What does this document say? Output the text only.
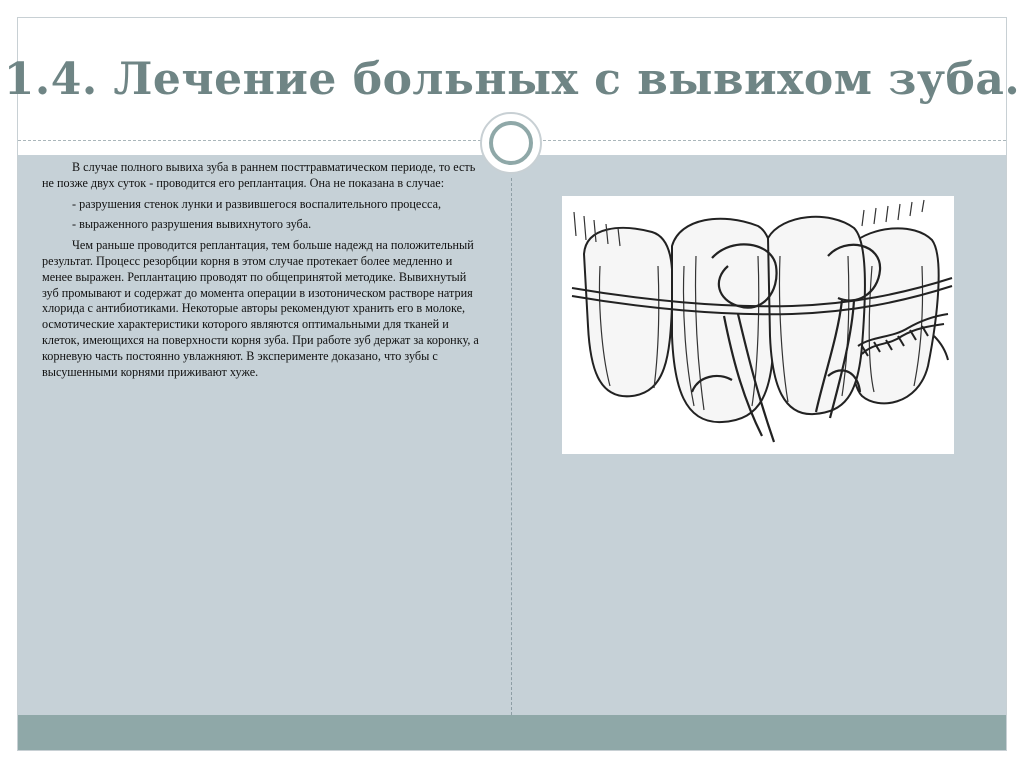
1.4. Лечение больных с вывихом зуба.

В случае полного вывиха зуба в раннем посттравматическом периоде, то есть не позже двух суток - проводится его реплантация. Она не показана в случае:

- разрушения стенок лунки и развившегося воспалительного процесса,

- выраженного разрушения вывихнутого зуба.

Чем раньше проводится реплантация, тем больше надежд на положительный результат. Процесс резорбции корня в этом случае протекает более медленно и менее выражен. Реплантацию проводят по общепринятой методике. Вывихнутый зуб промывают и содержат до момента операции в изотоническом растворе натрия хлорида с антибиотиками. Некоторые авторы рекомендуют хранить его в молоке, осмотические характеристики которого являются оптимальными для тканей и клеток, имеющихся на поверхности корня зуба. При работе зуб держат за коронку, а корневую часть постоянно увлажняют. В эксперименте доказано, что зубы с высушенными корнями приживают хуже.
